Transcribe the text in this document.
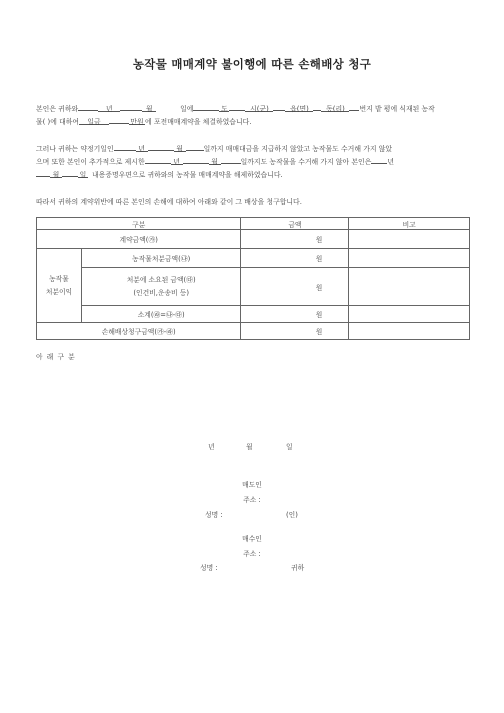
농작물 매매계약 불이행에 따른 손해배상 청구
본인은 귀하와	년	월	일에	도	시(군)	읍(면)	동(리) 번지 밭 평에 식재된 농작
물( )에 대하여 일금	만원에 포전매매계약을 체결하였습니다.
그러나 귀하는 약정기일인	년	월	일까지 매매대금을 지급하지 않았고 농작물도 수거해 가지 않았
으며 또한 본인이 추가적으로 제시한	년	월	일까지도 농작물을 수거해 가지 않아 본인은 년
월	일 내용증명우편으로 귀하와의 농작물 매매계약을 해제하였습니다.
따라서 귀하의 계약위반에 따른 본인의 손해에 대하여 아래와 같이 그 배상을 청구합니다.
구분		금액	비고
계약금액(㉮)		원	

농작물
처분이익	농작물처분금액(㉯)	원	

	처분에 소요된 금액(㉰)
(인건비,운송비 등)	원	
	소계(㉱=㉯-㉰)	원	
손해배상청구금액(㉮-㉱)		원	
아 래 구 분
년	월	일
매도인
주소 :
성명 :	(인)
매수인
주소 :
성명 :	귀하
